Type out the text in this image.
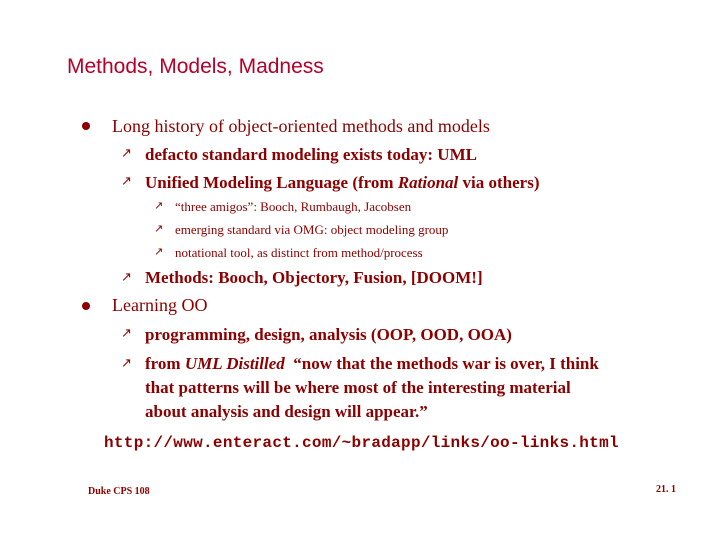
Methods, Models, Madness
Long history of object-oriented methods and models
↗ defacto standard modeling exists today: UML
↗ Unified Modeling Language (from Rational via others)
↗ “three amigos”: Booch, Rumbaugh, Jacobsen
↗ emerging standard via OMG: object modeling group
↗ notational tool, as distinct from method/process
↗ Methods: Booch, Objectory, Fusion, [DOOM!]
Learning OO
↗ programming, design, analysis (OOP, OOD, OOA)
↗ from UML Distilled  “now that the methods war is over, I think
that patterns will be where most of the interesting material
about analysis and design will appear.”
http://www.enteract.com/~bradapp/links/oo-links.html
Duke CPS 108	21. 1
